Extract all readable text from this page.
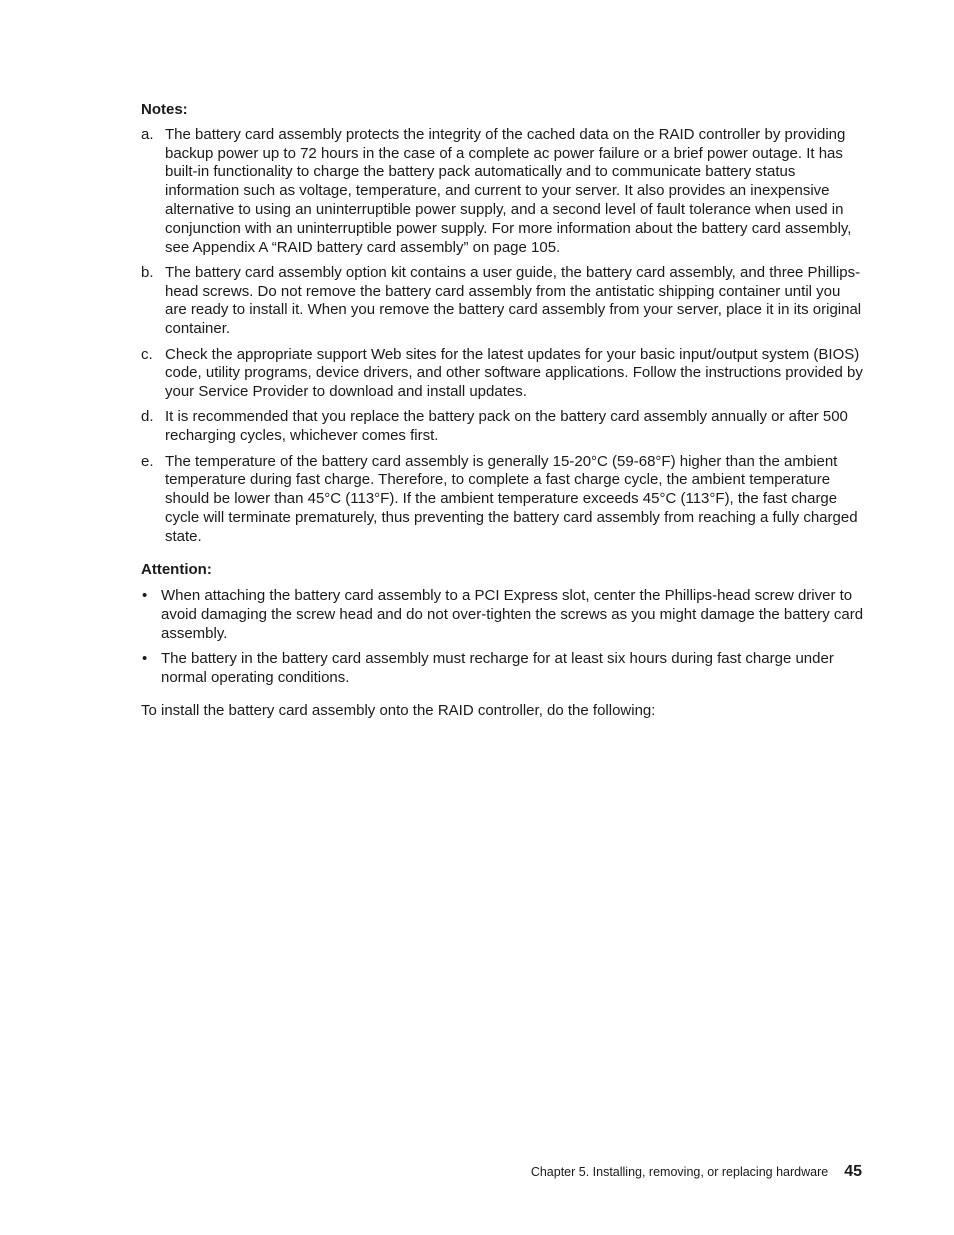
Notes:
a. The battery card assembly protects the integrity of the cached data on the RAID controller by providing backup power up to 72 hours in the case of a complete ac power failure or a brief power outage. It has built-in functionality to charge the battery pack automatically and to communicate battery status information such as voltage, temperature, and current to your server. It also provides an inexpensive alternative to using an uninterruptible power supply, and a second level of fault tolerance when used in conjunction with an uninterruptible power supply. For more information about the battery card assembly, see Appendix A “RAID battery card assembly” on page 105.
b. The battery card assembly option kit contains a user guide, the battery card assembly, and three Phillips-head screws. Do not remove the battery card assembly from the antistatic shipping container until you are ready to install it. When you remove the battery card assembly from your server, place it in its original container.
c. Check the appropriate support Web sites for the latest updates for your basic input/output system (BIOS) code, utility programs, device drivers, and other software applications. Follow the instructions provided by your Service Provider to download and install updates.
d. It is recommended that you replace the battery pack on the battery card assembly annually or after 500 recharging cycles, whichever comes first.
e. The temperature of the battery card assembly is generally 15-20°C (59-68°F) higher than the ambient temperature during fast charge. Therefore, to complete a fast charge cycle, the ambient temperature should be lower than 45°C (113°F). If the ambient temperature exceeds 45°C (113°F), the fast charge cycle will terminate prematurely, thus preventing the battery card assembly from reaching a fully charged state.
Attention:
• When attaching the battery card assembly to a PCI Express slot, center the Phillips-head screw driver to avoid damaging the screw head and do not over-tighten the screws as you might damage the battery card assembly.
• The battery in the battery card assembly must recharge for at least six hours during fast charge under normal operating conditions.
To install the battery card assembly onto the RAID controller, do the following:
Chapter 5. Installing, removing, or replacing hardware 45
